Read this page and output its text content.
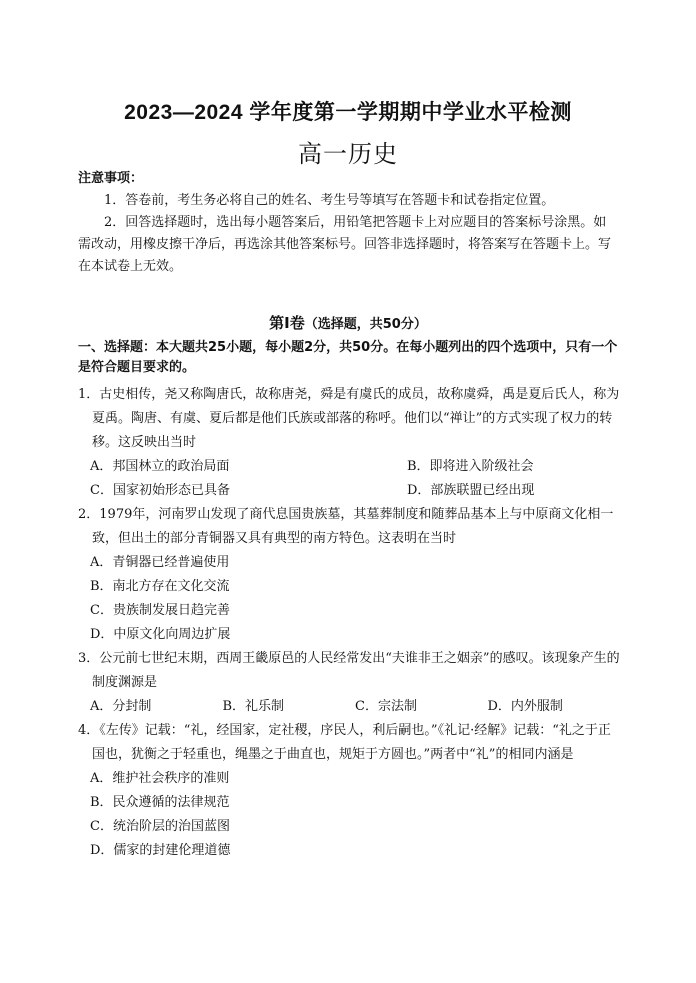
2023—2024 学年度第一学期期中学业水平检测
高一历史
注意事项：

1．答卷前，考生务必将自己的姓名、考生号等填写在答题卡和试卷指定位置。

2．回答选择题时，选出每小题答案后，用铅笔把答题卡上对应题目的答案标号涂黑。如需改动，用橡皮擦干净后，再选涂其他答案标号。回答非选择题时，将答案写在答题卡上。写在本试卷上无效。

第Ⅰ卷（选择题，共50分）
一、选择题：本大题共25小题，每小题2分，共50分。在每小题列出的四个选项中，只有一个是符合题目要求的。
1．古史相传，尧又称陶唐氏，故称唐尧，舜是有虞氏的成员，故称虞舜，禹是夏后氏人，称为夏禹。陶唐、有虞、夏后都是他们氏族或部落的称呼。他们以“禅让”的方式实现了权力的转移。这反映出当时
A．邦国林立的政治局面	B．即将进入阶级社会
C．国家初始形态已具备	D．部族联盟已经出现
2．1979年，河南罗山发现了商代息国贵族墓，其墓葬制度和随葬品基本上与中原商文化相一致，但出土的部分青铜器又具有典型的南方特色。这表明在当时
A．青铜器已经普遍使用
B．南北方存在文化交流
C．贵族制发展日趋完善
D．中原文化向周边扩展
3．公元前七世纪末期，西周王畿原邑的人民经常发出“夫谁非王之姻亲”的感叹。该现象产生的制度渊源是
A．分封制	B．礼乐制	C．宗法制	D．内外服制
4．《左传》记载：“礼，经国家，定社稷，序民人，利后嗣也。”《礼记·经解》记载：“礼之于正国也，犹衡之于轻重也，绳墨之于曲直也，规矩于方圆也。”两者中“礼”的相同内涵是
A．维护社会秩序的准则
B．民众遵循的法律规范
C．统治阶层的治国蓝图
D．儒家的封建伦理道德
